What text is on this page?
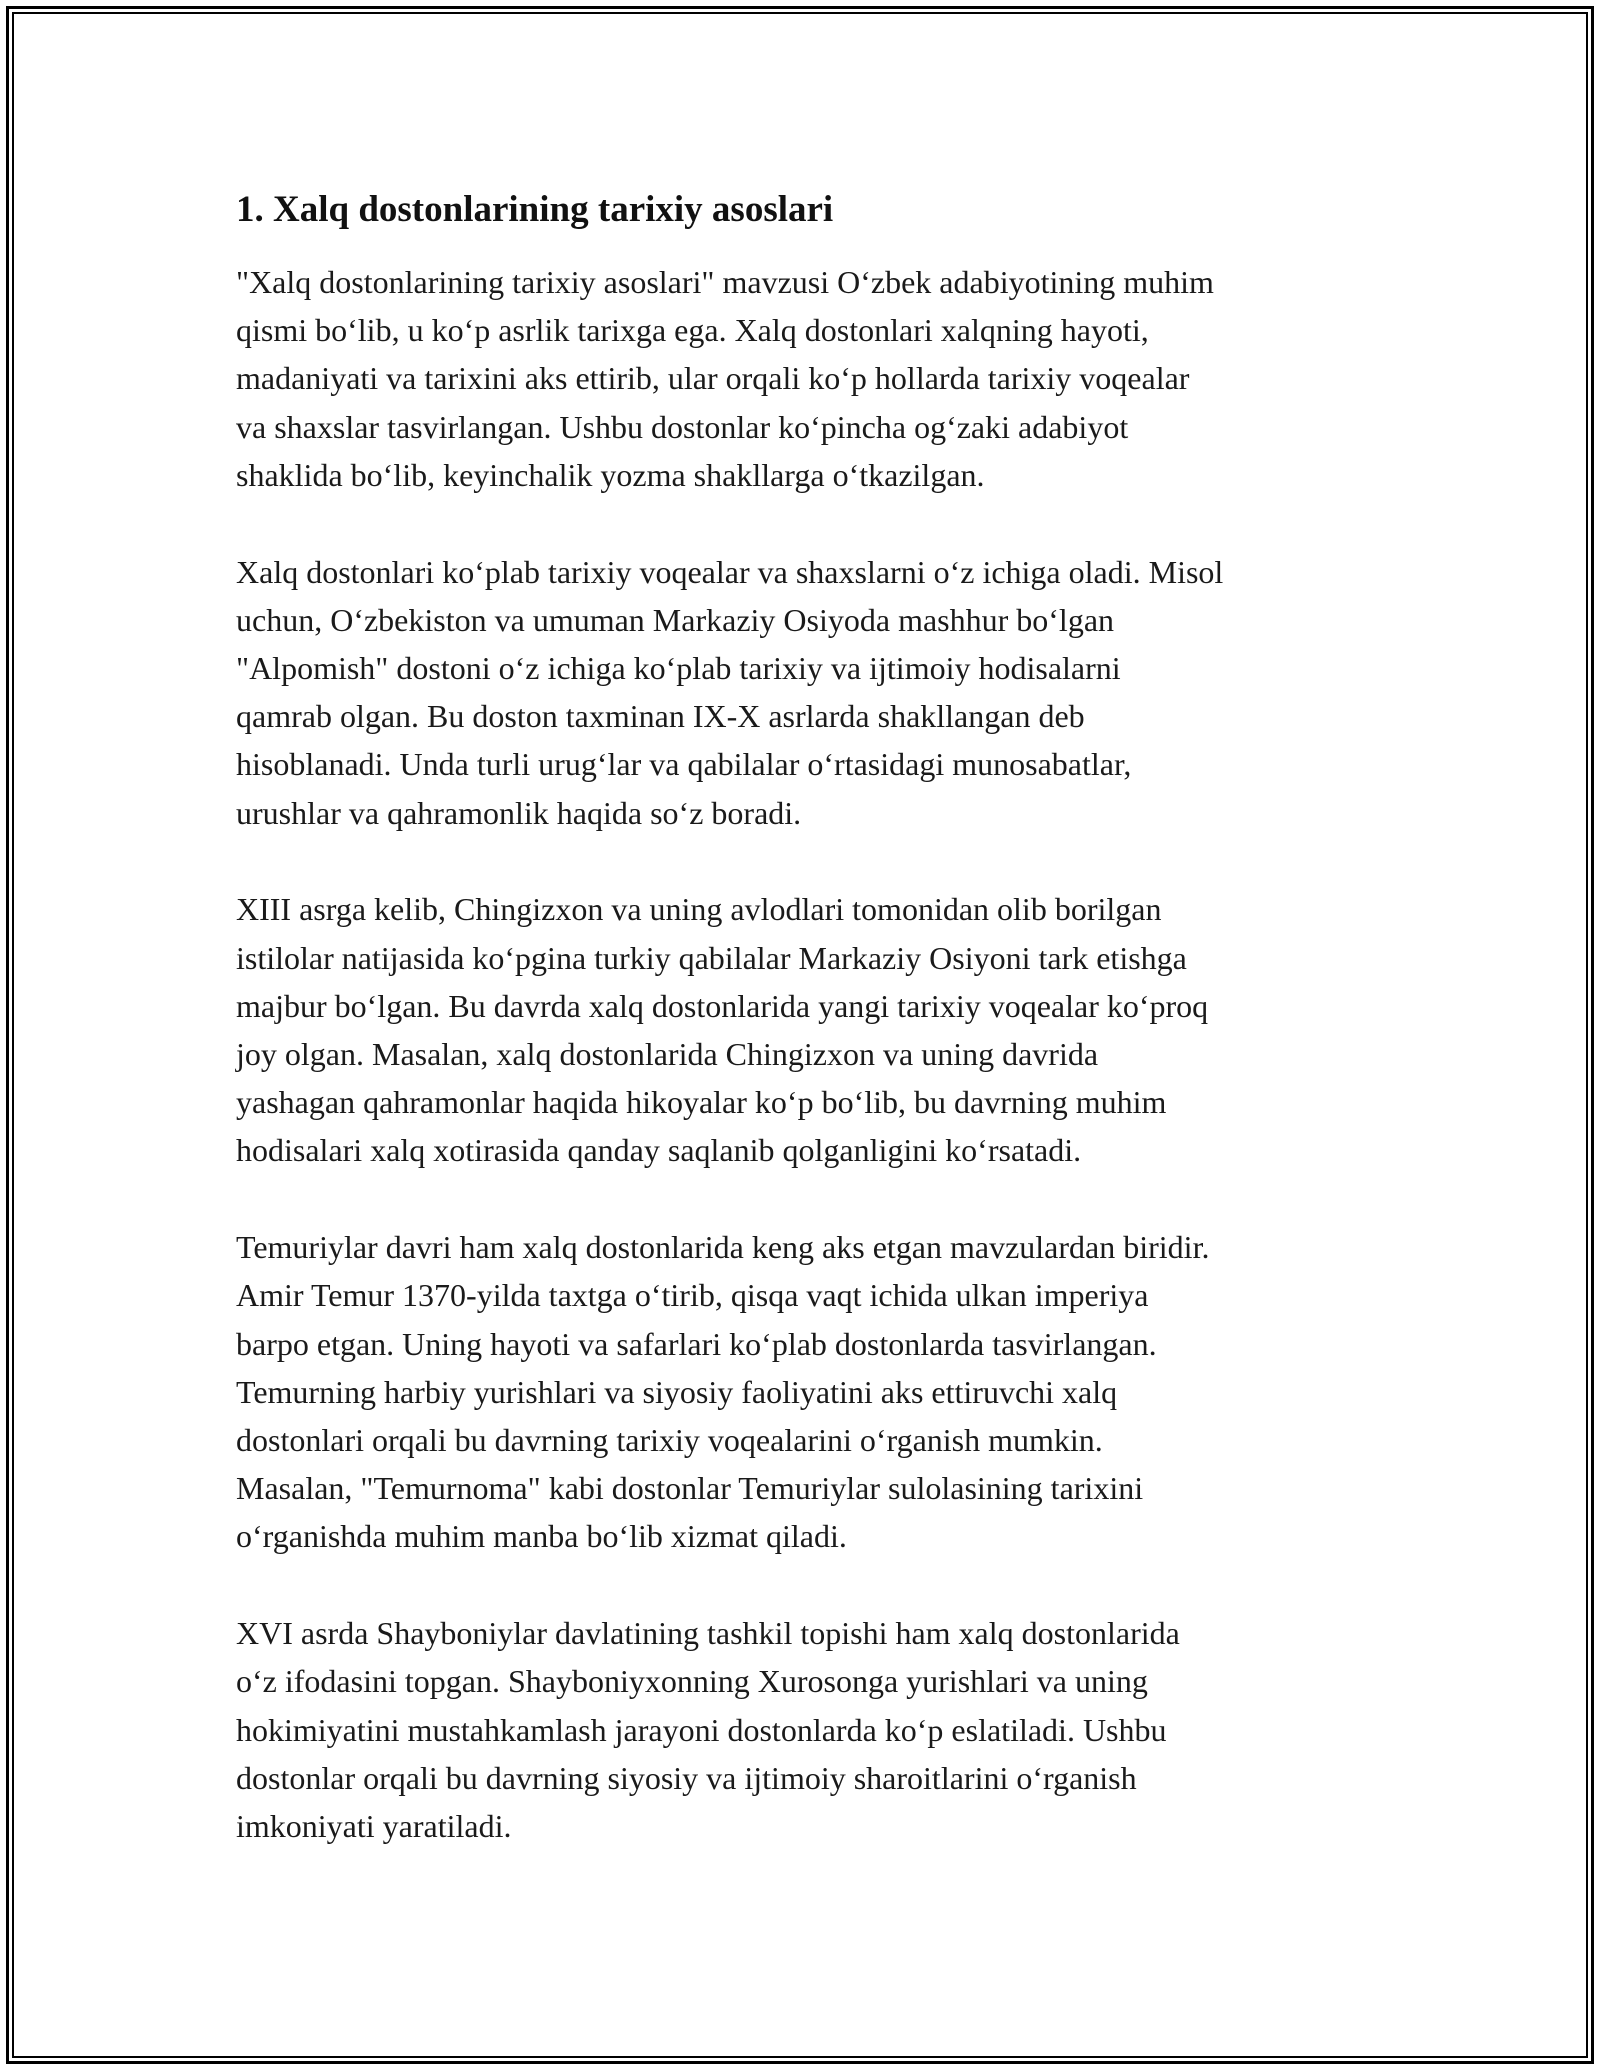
1. Xalq dostonlarining tarixiy asoslari

"Xalq dostonlarining tarixiy asoslari" mavzusi Oʻzbek adabiyotining muhim
qismi boʻlib, u koʻp asrlik tarixga ega. Xalq dostonlari xalqning hayoti,
madaniyati va tarixini aks ettirib, ular orqali koʻp hollarda tarixiy voqealar
va shaxslar tasvirlangan. Ushbu dostonlar koʻpincha ogʻzaki adabiyot
shaklida boʻlib, keyinchalik yozma shakllarga oʻtkazilgan.

Xalq dostonlari koʻplab tarixiy voqealar va shaxslarni oʻz ichiga oladi. Misol
uchun, Oʻzbekiston va umuman Markaziy Osiyoda mashhur boʻlgan
"Alpomish" dostoni oʻz ichiga koʻplab tarixiy va ijtimoiy hodisalarni
qamrab olgan. Bu doston taxminan IX-X asrlarda shakllangan deb
hisoblanadi. Unda turli urugʻlar va qabilalar oʻrtasidagi munosabatlar,
urushlar va qahramonlik haqida soʻz boradi.

XIII asrga kelib, Chingizxon va uning avlodlari tomonidan olib borilgan
istilolar natijasida koʻpgina turkiy qabilalar Markaziy Osiyoni tark etishga
majbur boʻlgan. Bu davrda xalq dostonlarida yangi tarixiy voqealar koʻproq
joy olgan. Masalan, xalq dostonlarida Chingizxon va uning davrida
yashagan qahramonlar haqida hikoyalar koʻp boʻlib, bu davrning muhim
hodisalari xalq xotirasida qanday saqlanib qolganligini koʻrsatadi.

Temuriylar davri ham xalq dostonlarida keng aks etgan mavzulardan biridir.
Amir Temur 1370-yilda taxtga oʻtirib, qisqa vaqt ichida ulkan imperiya
barpo etgan. Uning hayoti va safarlari koʻplab dostonlarda tasvirlangan.
Temurning harbiy yurishlari va siyosiy faoliyatini aks ettiruvchi xalq
dostonlari orqali bu davrning tarixiy voqealarini oʻrganish mumkin.
Masalan, "Temurnoma" kabi dostonlar Temuriylar sulolasining tarixini
oʻrganishda muhim manba boʻlib xizmat qiladi.

XVI asrda Shayboniylar davlatining tashkil topishi ham xalq dostonlarida
oʻz ifodasini topgan. Shayboniyxonning Xurosonga yurishlari va uning
hokimiyatini mustahkamlash jarayoni dostonlarda koʻp eslatiladi. Ushbu
dostonlar orqali bu davrning siyosiy va ijtimoiy sharoitlarini oʻrganish
imkoniyati yaratiladi.
